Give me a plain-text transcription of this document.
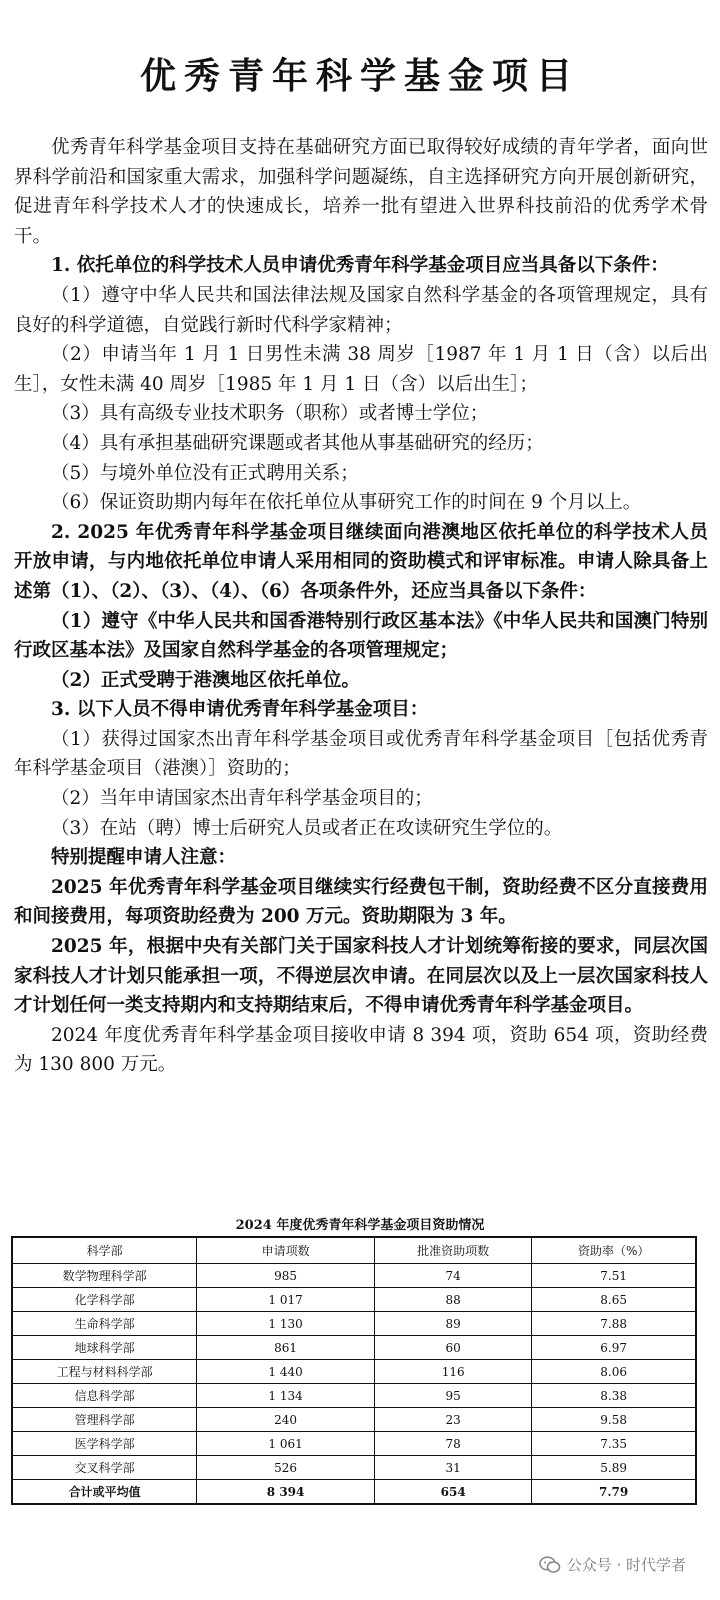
优秀青年科学基金项目

优秀青年科学基金项目支持在基础研究方面已取得较好成绩的青年学者，面向世界科学前沿和国家重大需求，加强科学问题凝练，自主选择研究方向开展创新研究，促进青年科学技术人才的快速成长，培养一批有望进入世界科技前沿的优秀学术骨干。

1. 依托单位的科学技术人员申请优秀青年科学基金项目应当具备以下条件：

（1）遵守中华人民共和国法律法规及国家自然科学基金的各项管理规定，具有良好的科学道德，自觉践行新时代科学家精神；

（2）申请当年 1 月 1 日男性未满 38 周岁［1987 年 1 月 1 日（含）以后出生］，女性未满 40 周岁［1985 年 1 月 1 日（含）以后出生］；

（3）具有高级专业技术职务（职称）或者博士学位；

（4）具有承担基础研究课题或者其他从事基础研究的经历；

（5）与境外单位没有正式聘用关系；

（6）保证资助期内每年在依托单位从事研究工作的时间在 9 个月以上。

2. 2025 年优秀青年科学基金项目继续面向港澳地区依托单位的科学技术人员开放申请，与内地依托单位申请人采用相同的资助模式和评审标准。申请人除具备上述第（1）、（2）、（3）、（4）、（6）各项条件外，还应当具备以下条件：

（1）遵守《中华人民共和国香港特别行政区基本法》《中华人民共和国澳门特别行政区基本法》及国家自然科学基金的各项管理规定；

（2）正式受聘于港澳地区依托单位。

3. 以下人员不得申请优秀青年科学基金项目：

（1）获得过国家杰出青年科学基金项目或优秀青年科学基金项目［包括优秀青年科学基金项目（港澳）］资助的；

（2）当年申请国家杰出青年科学基金项目的；

（3）在站（聘）博士后研究人员或者正在攻读研究生学位的。

特别提醒申请人注意：

2025 年优秀青年科学基金项目继续实行经费包干制，资助经费不区分直接费用和间接费用，每项资助经费为 200 万元。资助期限为 3 年。

2025 年，根据中央有关部门关于国家科技人才计划统筹衔接的要求，同层次国家科技人才计划只能承担一项，不得逆层次申请。在同层次以及上一层次国家科技人才计划任何一类支持期内和支持期结束后，不得申请优秀青年科学基金项目。

2024 年度优秀青年科学基金项目接收申请 8 394 项，资助 654 项，资助经费为 130 800 万元。

2024 年度优秀青年科学基金项目资助情况
科学部	申请项数	批准资助项数	资助率（%）
数学物理科学部	985	74	7.51
化学科学部	1 017	88	8.65
生命科学部	1 130	89	7.88
地球科学部	861	60	6.97
工程与材料科学部	1 440	116	8.06
信息科学部	1 134	95	8.38
管理科学部	240	23	9.58
医学科学部	1 061	78	7.35
交叉科学部	526	31	5.89
合计或平均值	8 394	654	7.79
公众号 · 时代学者
